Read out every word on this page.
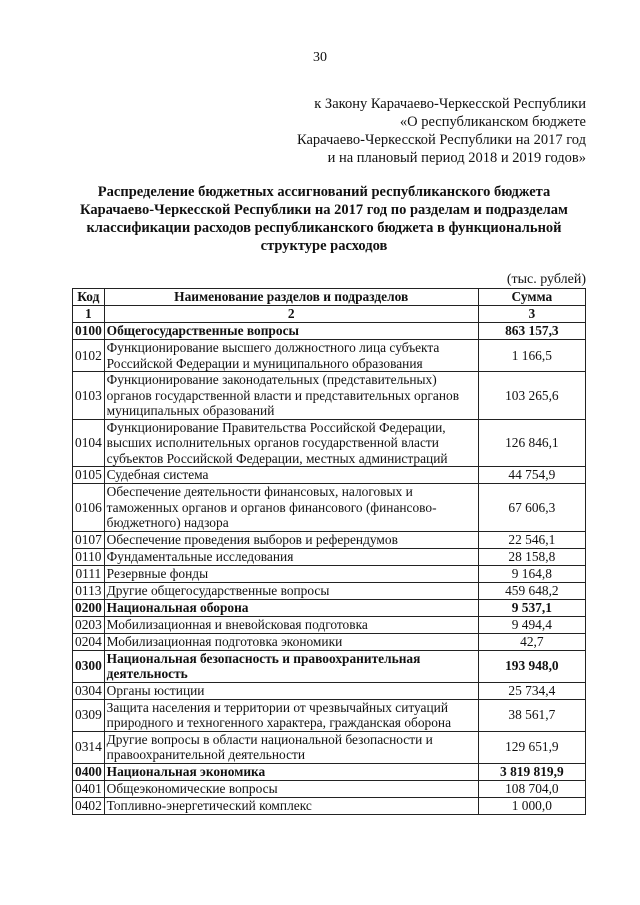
30
к Закону Карачаево-Черкесской Республики
«О республиканском бюджете
Карачаево-Черкесской Республики на 2017 год
и на плановый период 2018 и 2019 годов»
Распределение бюджетных ассигнований республиканского бюджета
Карачаево-Черкесской Республики на 2017 год по разделам и подразделам
классификации расходов республиканского бюджета в функциональной
структуре расходов
(тыс. рублей)
Код	Наименование разделов и подразделов	Сумма
1	2	3
0100	Общегосударственные вопросы	863 157,3
0102	Функционирование высшего должностного лица субъекта Российской Федерации и муниципального образования	1 166,5
0103	Функционирование законодательных (представительных) органов государственной власти и представительных органов муниципальных образований	103 265,6
0104	Функционирование Правительства Российской Федерации, высших исполнительных органов государственной власти субъектов Российской Федерации, местных администраций	126 846,1
0105	Судебная система	44 754,9
0106	Обеспечение деятельности финансовых, налоговых и таможенных органов и органов финансового (финансово-бюджетного) надзора	67 606,3
0107	Обеспечение проведения выборов и референдумов	22 546,1
0110	Фундаментальные исследования	28 158,8
0111	Резервные фонды	9 164,8
0113	Другие общегосударственные вопросы	459 648,2
0200	Национальная оборона	9 537,1
0203	Мобилизационная и вневойсковая подготовка	9 494,4
0204	Мобилизационная подготовка экономики	42,7
0300	Национальная безопасность и правоохранительная деятельность	193 948,0
0304	Органы юстиции	25 734,4
0309	Защита населения и территории от чрезвычайных ситуаций природного и техногенного характера, гражданская оборона	38 561,7
0314	Другие вопросы в области национальной безопасности и правоохранительной деятельности	129 651,9
0400	Национальная экономика	3 819 819,9
0401	Общеэкономические вопросы	108 704,0
0402	Топливно-энергетический комплекс	1 000,0
